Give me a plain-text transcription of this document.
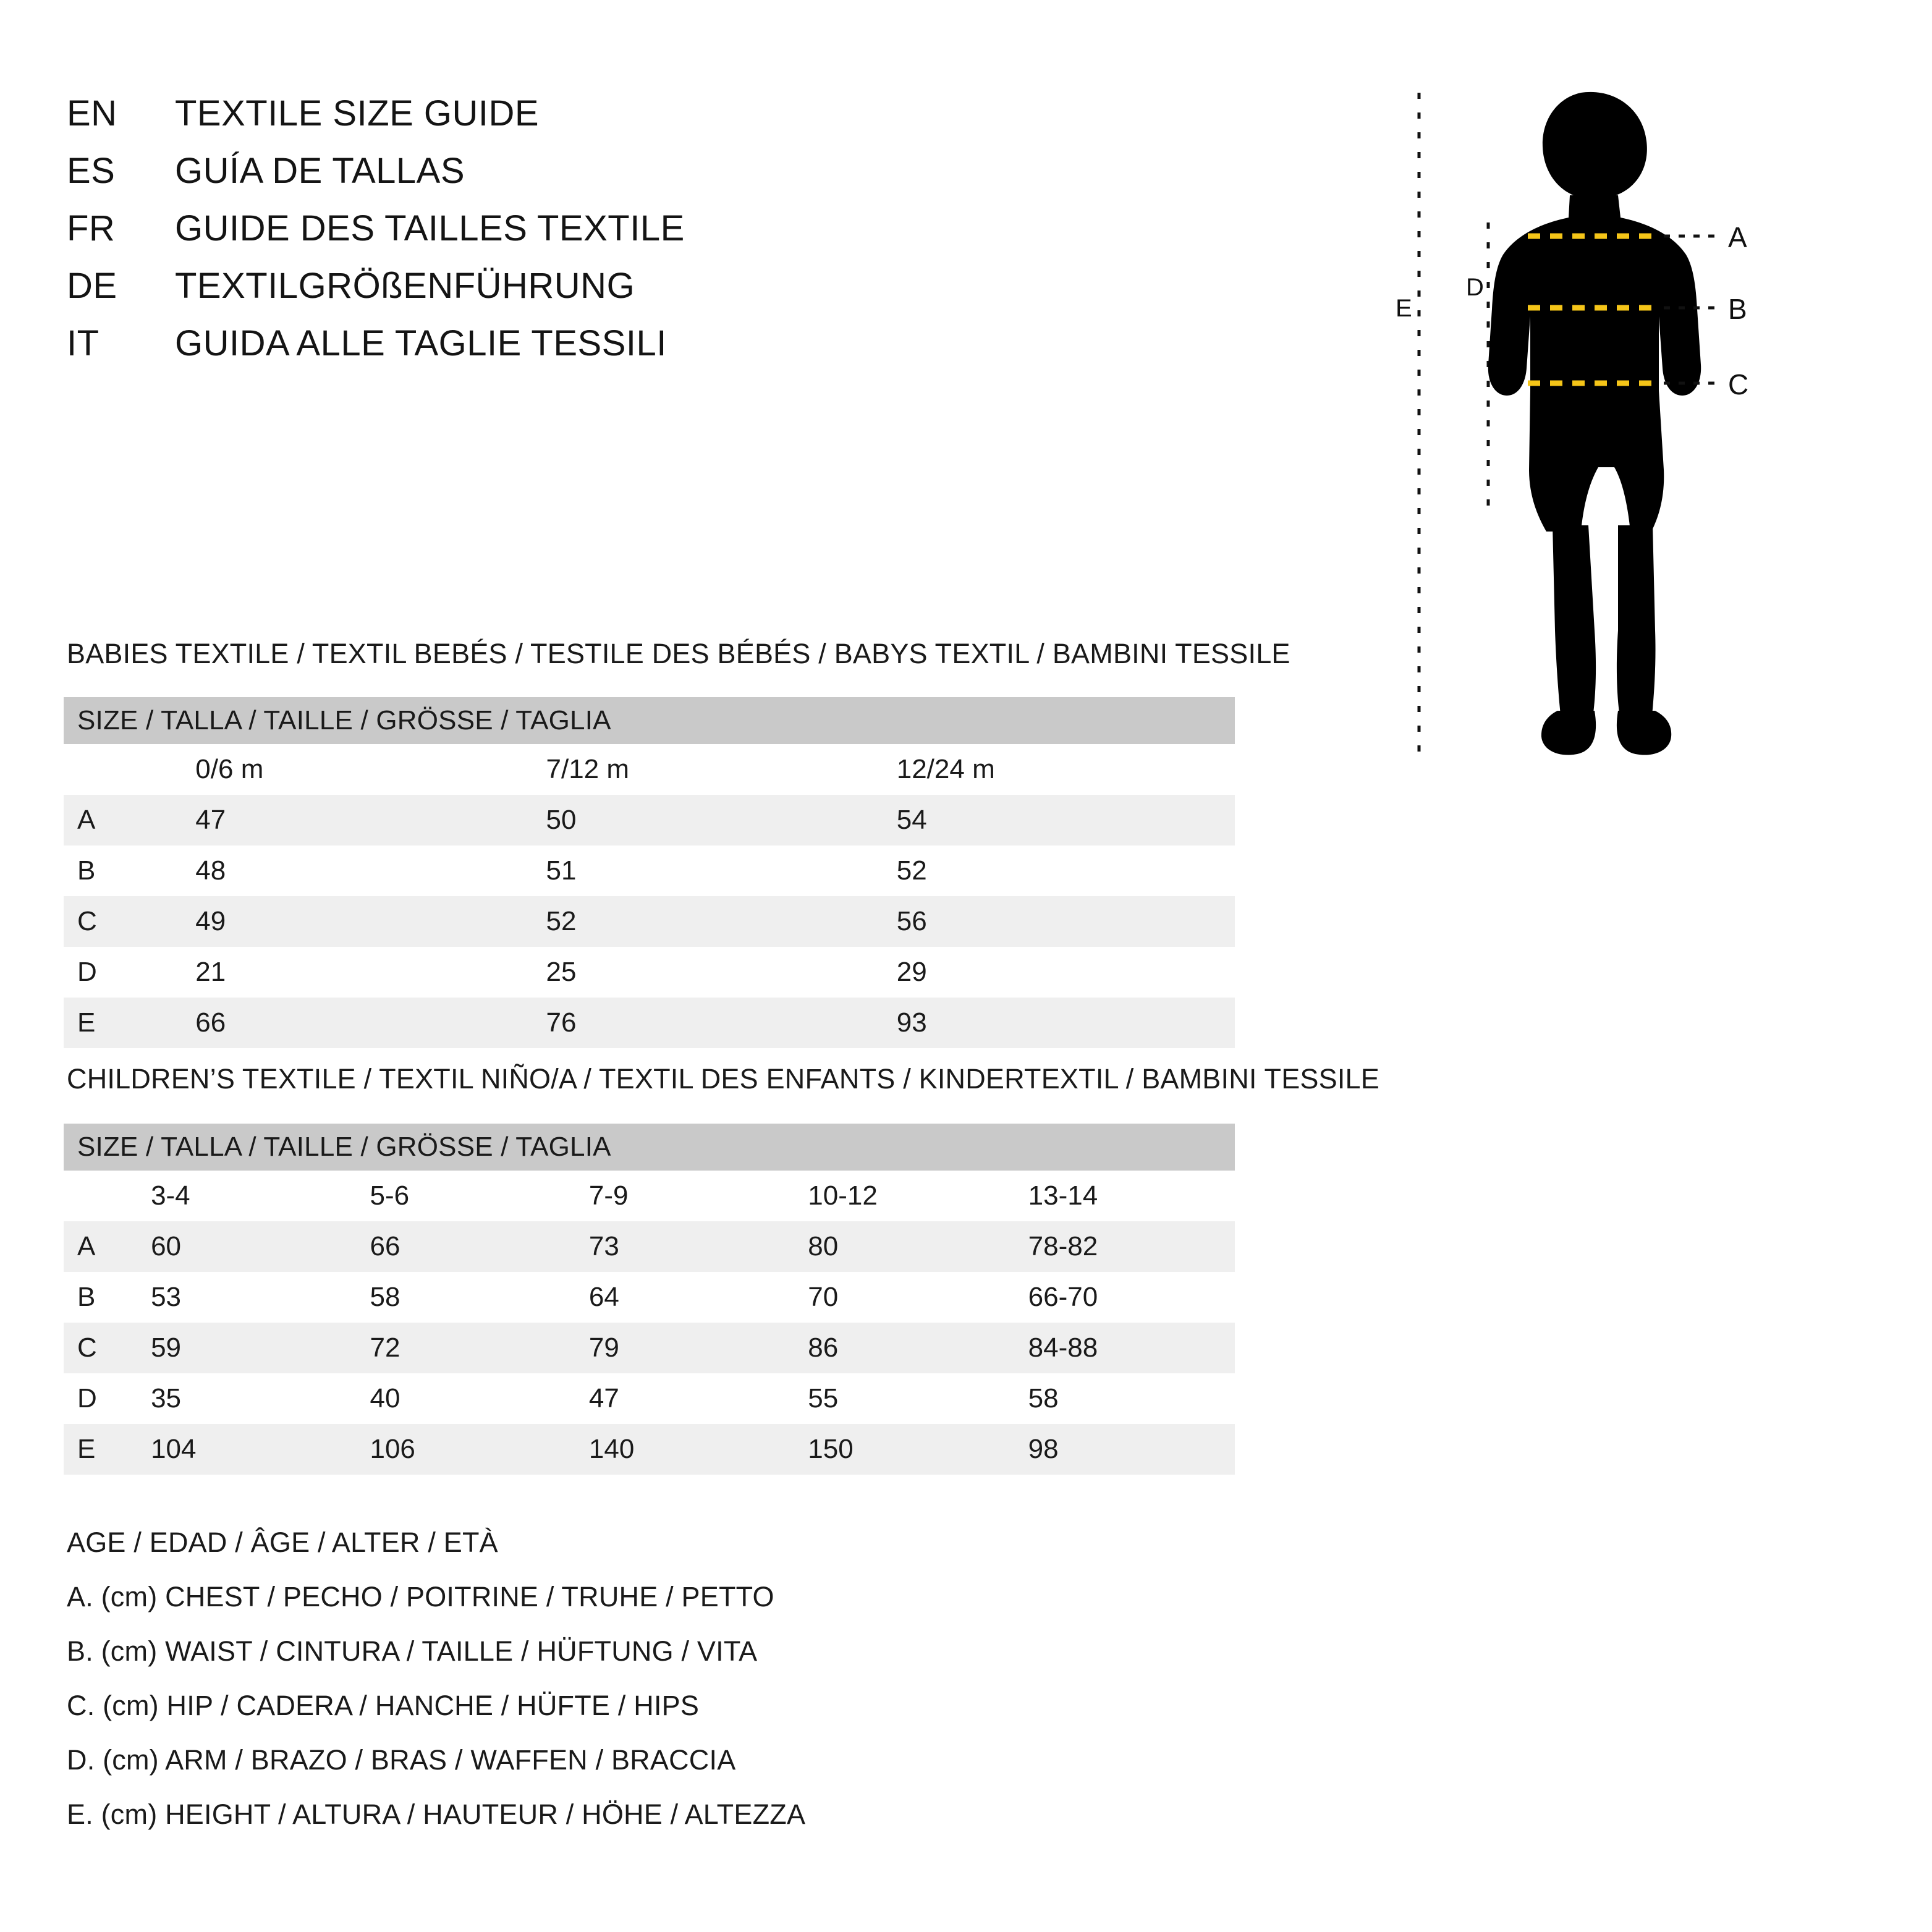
EN	TEXTILE SIZE GUIDE
ES	GUÍA DE TALLAS
FR	GUIDE DES TAILLES TEXTILE
DE	TEXTILGRÖßENFÜHRUNG
IT	GUIDA ALLE TAGLIE TESSILI
A
B
C
E
D
BABIES TEXTILE / TEXTIL BEBÉS / TESTILE DES BÉBÉS / BABYS TEXTIL / BAMBINI TESSILE
SIZE / TALLA / TAILLE / GRÖSSE / TAGLIA			
	0/6 m	7/12 m	12/24 m
A	47	50	54
B	48	51	52
C	49	52	56
D	21	25	29
E	66	76	93
CHILDREN’S TEXTILE / TEXTIL NIÑO/A / TEXTIL DES ENFANTS / KINDERTEXTIL / BAMBINI TESSILE
SIZE / TALLA / TAILLE / GRÖSSE / TAGLIA					
	3-4	5-6	7-9	10-12	13-14
A	60	66	73	80	78-82
B	53	58	64	70	66-70
C	59	72	79	86	84-88
D	35	40	47	55	58
E	104	106	140	150	98
AGE / EDAD / ÂGE / ALTER / ETÀ
A. (cm) CHEST / PECHO / POITRINE / TRUHE / PETTO
B. (cm) WAIST / CINTURA / TAILLE / HÜFTUNG / VITA
C. (cm) HIP / CADERA / HANCHE / HÜFTE / HIPS
D. (cm) ARM / BRAZO / BRAS / WAFFEN / BRACCIA
E. (cm) HEIGHT / ALTURA / HAUTEUR / HÖHE / ALTEZZA
